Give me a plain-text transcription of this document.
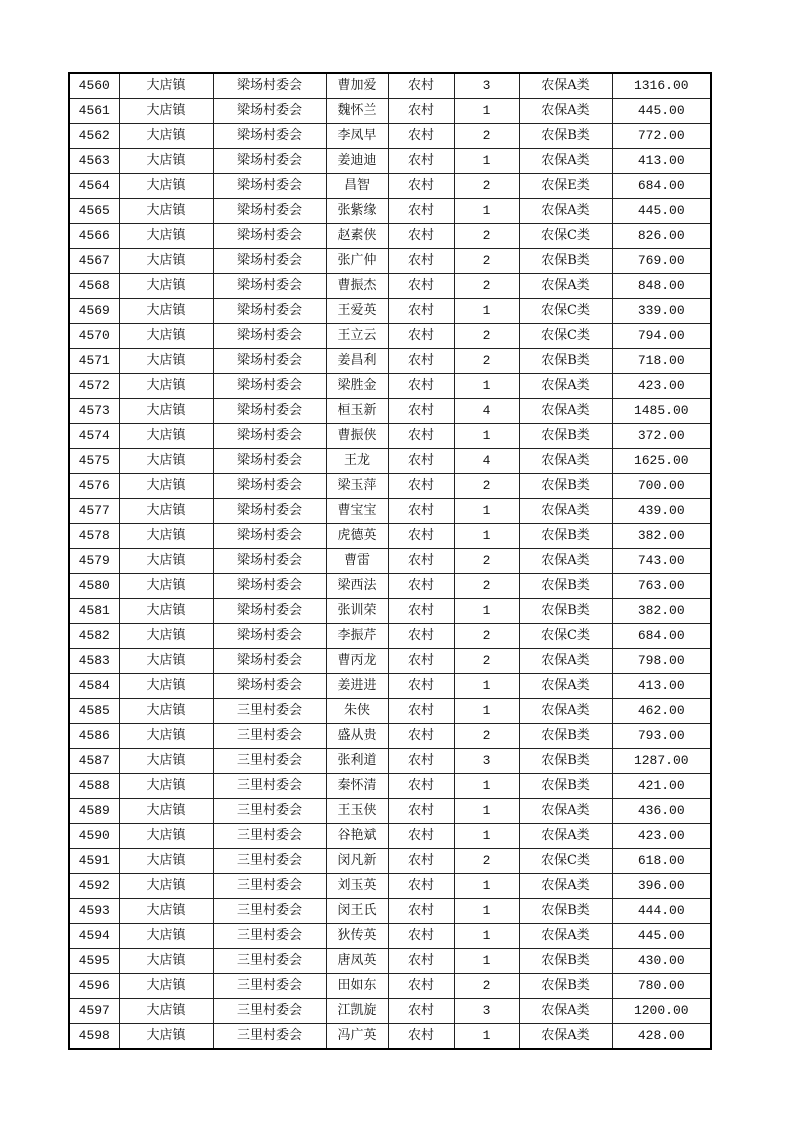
4560	大店镇	梁场村委会	曹加爱	农村	3	农保A类	1316.00
4561	大店镇	梁场村委会	魏怀兰	农村	1	农保A类	445.00
4562	大店镇	梁场村委会	李凤早	农村	2	农保B类	772.00
4563	大店镇	梁场村委会	姜迪迪	农村	1	农保A类	413.00
4564	大店镇	梁场村委会	昌智	农村	2	农保E类	684.00
4565	大店镇	梁场村委会	张紫缘	农村	1	农保A类	445.00
4566	大店镇	梁场村委会	赵素侠	农村	2	农保C类	826.00
4567	大店镇	梁场村委会	张广仲	农村	2	农保B类	769.00
4568	大店镇	梁场村委会	曹振杰	农村	2	农保A类	848.00
4569	大店镇	梁场村委会	王爱英	农村	1	农保C类	339.00
4570	大店镇	梁场村委会	王立云	农村	2	农保C类	794.00
4571	大店镇	梁场村委会	姜昌利	农村	2	农保B类	718.00
4572	大店镇	梁场村委会	梁胜金	农村	1	农保A类	423.00
4573	大店镇	梁场村委会	桓玉新	农村	4	农保A类	1485.00
4574	大店镇	梁场村委会	曹振侠	农村	1	农保B类	372.00
4575	大店镇	梁场村委会	王龙	农村	4	农保A类	1625.00
4576	大店镇	梁场村委会	梁玉萍	农村	2	农保B类	700.00
4577	大店镇	梁场村委会	曹宝宝	农村	1	农保A类	439.00
4578	大店镇	梁场村委会	虎德英	农村	1	农保B类	382.00
4579	大店镇	梁场村委会	曹雷	农村	2	农保A类	743.00
4580	大店镇	梁场村委会	梁西法	农村	2	农保B类	763.00
4581	大店镇	梁场村委会	张训荣	农村	1	农保B类	382.00
4582	大店镇	梁场村委会	李振芹	农村	2	农保C类	684.00
4583	大店镇	梁场村委会	曹丙龙	农村	2	农保A类	798.00
4584	大店镇	梁场村委会	姜进进	农村	1	农保A类	413.00
4585	大店镇	三里村委会	朱侠	农村	1	农保A类	462.00
4586	大店镇	三里村委会	盛从贵	农村	2	农保B类	793.00
4587	大店镇	三里村委会	张利道	农村	3	农保B类	1287.00
4588	大店镇	三里村委会	秦怀清	农村	1	农保B类	421.00
4589	大店镇	三里村委会	王玉侠	农村	1	农保A类	436.00
4590	大店镇	三里村委会	谷艳斌	农村	1	农保A类	423.00
4591	大店镇	三里村委会	闵凡新	农村	2	农保C类	618.00
4592	大店镇	三里村委会	刘玉英	农村	1	农保A类	396.00
4593	大店镇	三里村委会	闵王氏	农村	1	农保B类	444.00
4594	大店镇	三里村委会	狄传英	农村	1	农保A类	445.00
4595	大店镇	三里村委会	唐凤英	农村	1	农保B类	430.00
4596	大店镇	三里村委会	田如东	农村	2	农保B类	780.00
4597	大店镇	三里村委会	江凯旋	农村	3	农保A类	1200.00
4598	大店镇	三里村委会	冯广英	农村	1	农保A类	428.00
